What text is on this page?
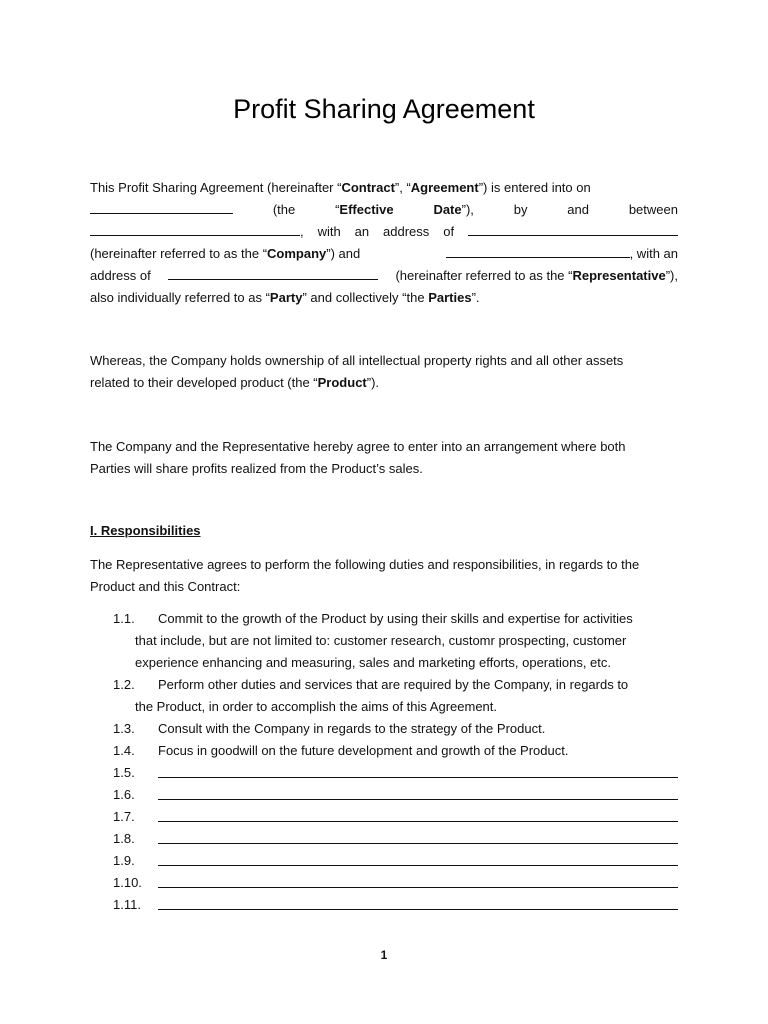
Profit Sharing Agreement
This Profit Sharing Agreement (hereinafter “Contract”, “Agreement”) is entered into on
(the	“Effective	Date”),	by	and	between
, with an address of
(hereinafter referred to as the “Company”) and	, with an
address of	(hereinafter referred to as the “Representative”),
also individually referred to as “Party” and collectively “the Parties”.
Whereas, the Company holds ownership of all intellectual property rights and all other assets
related to their developed product (the “Product”).
The Company and the Representative hereby agree to enter into an arrangement where both
Parties will share profits realized from the Product’s sales.
I. Responsibilities
The Representative agrees to perform the following duties and responsibilities, in regards to the
Product and this Contract:
1.1.	Commit to the growth of the Product by using their skills and expertise for activities
that include, but are not limited to: customer research, customr prospecting, customer
experience enhancing and measuring, sales and marketing efforts, operations, etc.
1.2.	Perform other duties and services that are required by the Company, in regards to
the Product, in order to accomplish the aims of this Agreement.
1.3.	Consult with the Company in regards to the strategy of the Product.
1.4.	Focus in goodwill on the future development and growth of the Product.
1.5.
1.6.
1.7.
1.8.
1.9.
1.10.
1.11.
1
